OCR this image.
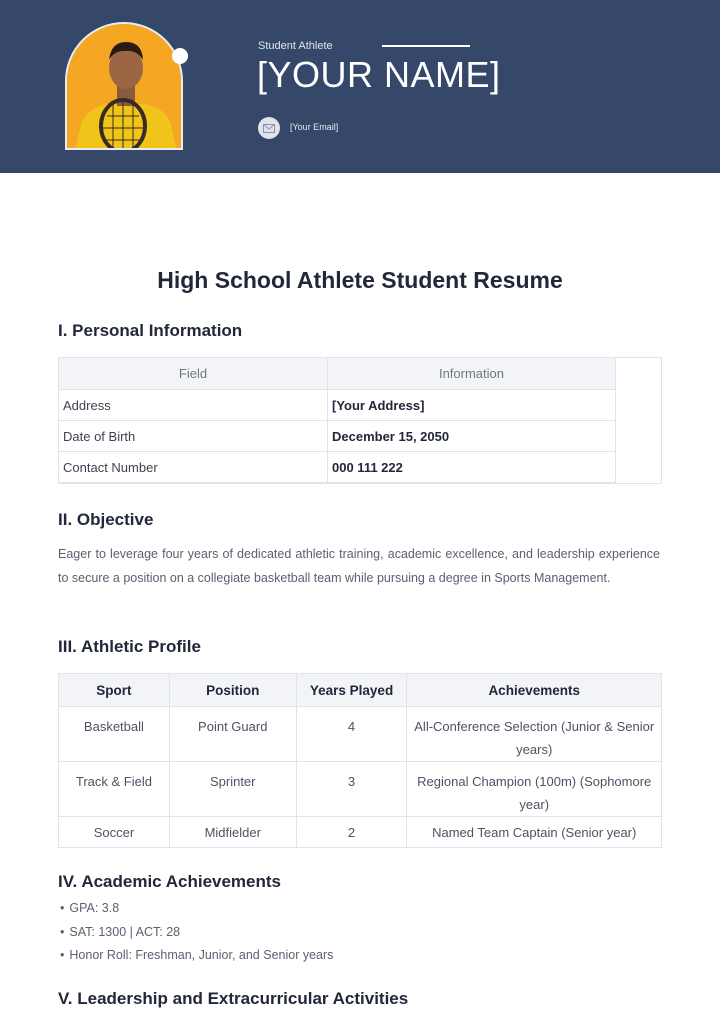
Student Athlete
[YOUR NAME]
[Your Email]
High School Athlete Student Resume
I. Personal Information
Field	Information
Address	[Your Address]
Date of Birth	December 15, 2050
Contact Number	000 111 222
II. Objective

Eager to leverage four years of dedicated athletic training, academic excellence, and leadership experience to secure a position on a collegiate basketball team while pursuing a degree in Sports Management.

III. Athletic Profile
Sport	Position	Years Played	Achievements
Basketball	Point Guard	4	All-Conference Selection (Junior & Senior years)
Track & Field	Sprinter	3	Regional Champion (100m) (Sophomore year)
Soccer	Midfielder	2	Named Team Captain (Senior year)
IV. Academic Achievements
• GPA: 3.8
• SAT: 1300 | ACT: 28
• Honor Roll: Freshman, Junior, and Senior years
V. Leadership and Extracurricular Activities
